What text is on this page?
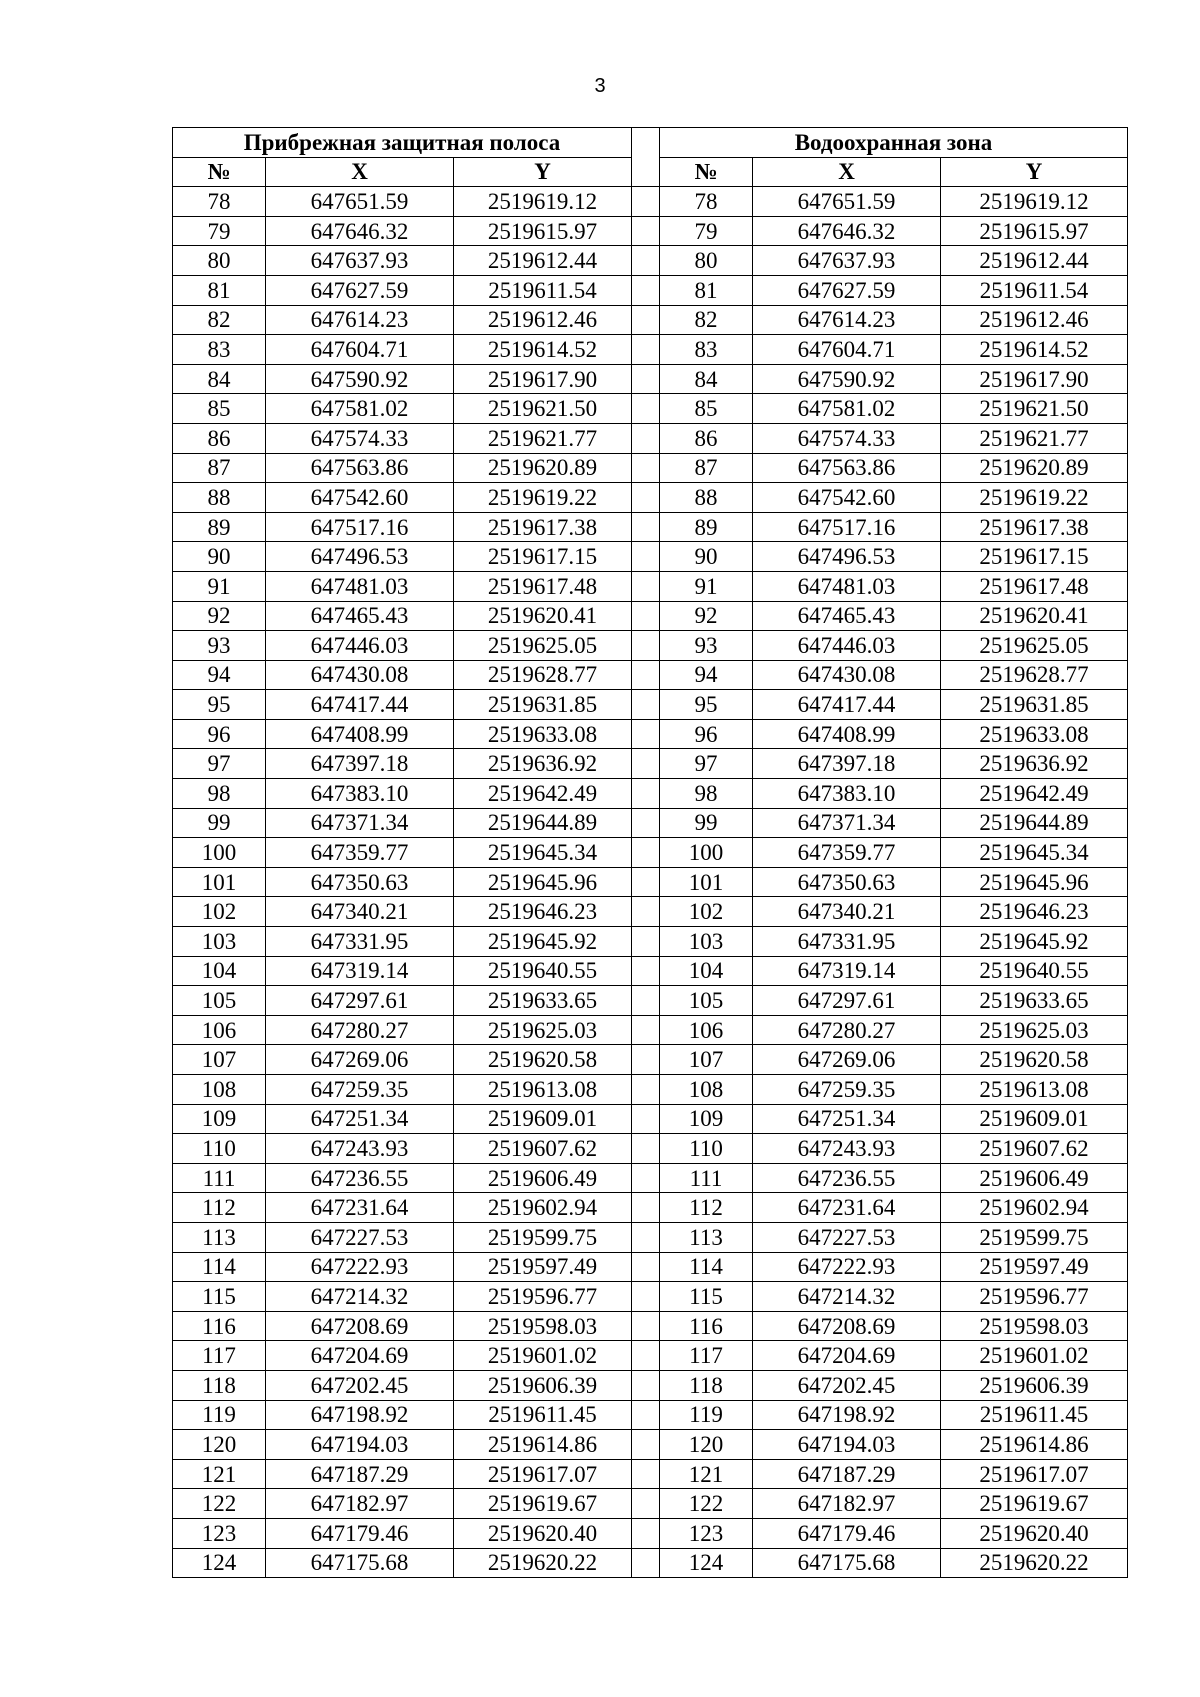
3
Прибрежная защитная полоса				Водоохранная зона		
№	X	Y		№	X	Y
78	647651.59	2519619.12		78	647651.59	2519619.12
79	647646.32	2519615.97		79	647646.32	2519615.97
80	647637.93	2519612.44		80	647637.93	2519612.44
81	647627.59	2519611.54		81	647627.59	2519611.54
82	647614.23	2519612.46		82	647614.23	2519612.46
83	647604.71	2519614.52		83	647604.71	2519614.52
84	647590.92	2519617.90		84	647590.92	2519617.90
85	647581.02	2519621.50		85	647581.02	2519621.50
86	647574.33	2519621.77		86	647574.33	2519621.77
87	647563.86	2519620.89		87	647563.86	2519620.89
88	647542.60	2519619.22		88	647542.60	2519619.22
89	647517.16	2519617.38		89	647517.16	2519617.38
90	647496.53	2519617.15		90	647496.53	2519617.15
91	647481.03	2519617.48		91	647481.03	2519617.48
92	647465.43	2519620.41		92	647465.43	2519620.41
93	647446.03	2519625.05		93	647446.03	2519625.05
94	647430.08	2519628.77		94	647430.08	2519628.77
95	647417.44	2519631.85		95	647417.44	2519631.85
96	647408.99	2519633.08		96	647408.99	2519633.08
97	647397.18	2519636.92		97	647397.18	2519636.92
98	647383.10	2519642.49		98	647383.10	2519642.49
99	647371.34	2519644.89		99	647371.34	2519644.89
100	647359.77	2519645.34		100	647359.77	2519645.34
101	647350.63	2519645.96		101	647350.63	2519645.96
102	647340.21	2519646.23		102	647340.21	2519646.23
103	647331.95	2519645.92		103	647331.95	2519645.92
104	647319.14	2519640.55		104	647319.14	2519640.55
105	647297.61	2519633.65		105	647297.61	2519633.65
106	647280.27	2519625.03		106	647280.27	2519625.03
107	647269.06	2519620.58		107	647269.06	2519620.58
108	647259.35	2519613.08		108	647259.35	2519613.08
109	647251.34	2519609.01		109	647251.34	2519609.01
110	647243.93	2519607.62		110	647243.93	2519607.62
111	647236.55	2519606.49		111	647236.55	2519606.49
112	647231.64	2519602.94		112	647231.64	2519602.94
113	647227.53	2519599.75		113	647227.53	2519599.75
114	647222.93	2519597.49		114	647222.93	2519597.49
115	647214.32	2519596.77		115	647214.32	2519596.77
116	647208.69	2519598.03		116	647208.69	2519598.03
117	647204.69	2519601.02		117	647204.69	2519601.02
118	647202.45	2519606.39		118	647202.45	2519606.39
119	647198.92	2519611.45		119	647198.92	2519611.45
120	647194.03	2519614.86		120	647194.03	2519614.86
121	647187.29	2519617.07		121	647187.29	2519617.07
122	647182.97	2519619.67		122	647182.97	2519619.67
123	647179.46	2519620.40		123	647179.46	2519620.40
124	647175.68	2519620.22		124	647175.68	2519620.22
